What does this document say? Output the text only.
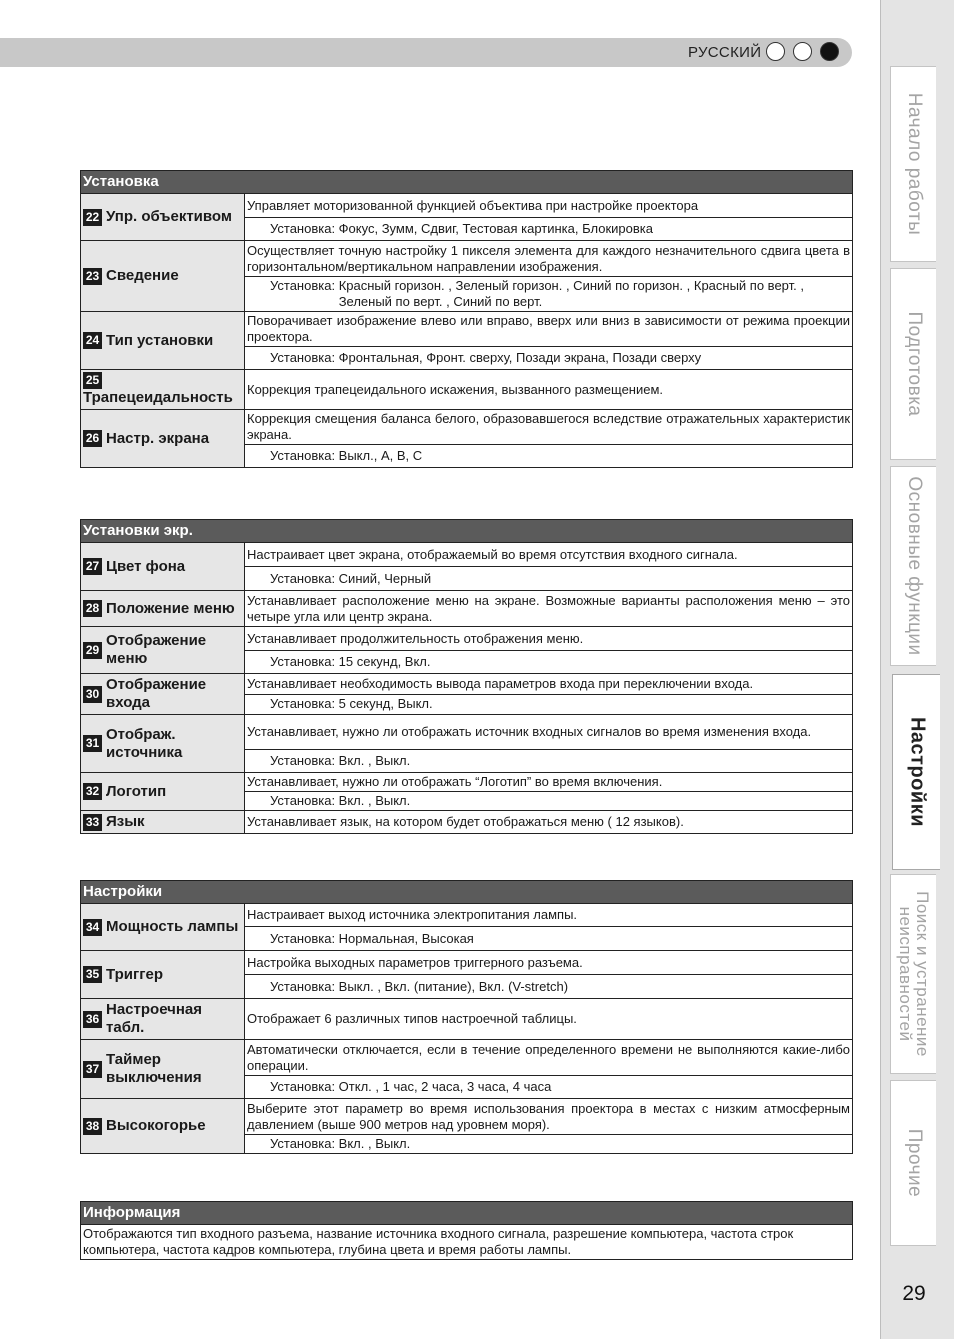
РУССКИЙ
Начало работы
Подготовка
Основные функции
Настройки
Поиск и устранение
неисправностей
Прочие
29
Установка	

22 Упр. объективом	Управляет моторизованной функцией объектива при настройке проектора
	Установка: Фокус, Зумм, Сдвиг, Тестовая картинка, Блокировка

23 Сведение	Осуществляет точную настройку 1 пикселя элемента для каждого незначительного сдвига цвета в горизонтальном/вертикальном направлении изображения.
	Установка: Красный горизон. , Зеленый горизон. , Синий по горизон. , Красный по верт. ,
Зеленый по верт. , Синий по верт.

24 Тип установки	Поворачивает изображение влево или вправо, вверх или вниз в зависимости от режима проекции проектора.
	Установка: Фронтальная, Фронт. сверху, Позади экрана, Позади сверху
25
Трапецеидальность	Коррекция трапецеидального искажения, вызванного размещением.

26 Настр. экрана	Коррекция смещения баланса белого, образовавшегося вследствие отражательных характеристик экрана.
	Установка: Выкл., A, B, C
Установки экр.	

27 Цвет фона	Настраивает цвет экрана, отображаемый во время отсутствия входного сигнала.
	Установка: Синий, Черный

28 Положение меню	Устанавливает расположение меню на экране. Возможные варианты расположения меню – это четыре угла или центр экрана.

29
Отображение меню	Устанавливает продолжительность отображения меню.
	Установка: 15 секунд, Вкл.

30
Отображение входа	Устанавливает необходимость вывода параметров входа при переключении входа.
	Установка: 5 секунд, Выкл.

31
Отображ. источника	Устанавливает, нужно ли отображать источник входных сигналов во время изменения входа.
	Установка: Вкл. , Выкл.

32 Логотип	Устанавливает, нужно ли отображать “Логотип” во время включения.
	Установка: Вкл. , Выкл.

33 Язык	Устанавливает язык, на котором будет отображаться меню ( 12 языков).
Настройки	

34 Мощность лампы	Настраивает выход источника электропитания лампы.
	Установка: Нормальная, Высокая

35 Триггер	Настройка выходных параметров триггерного разъема.
	Установка: Выкл. , Вкл. (питание), Вкл. (V-stretch)

36
Настроечная табл.	Отображает 6 различных типов настроечной таблицы.

37
Таймер выключения	Автоматически отключается, если в течение определенного времени не выполняются какие-либо операции.
	Установка: Откл. , 1 час, 2 часа, 3 часа, 4 часа

38 Высокогорье	Выберите этот параметр во время использования проектора в местах с низким атмосферным давлением (выше 900 метров над уровнем моря).
	Установка: Вкл. , Выкл.
Информация
Отображаются тип входного разъема, название источника входного сигнала, разрешение компьютера, частота строк компьютера, частота кадров компьютера, глубина цвета и время работы лампы.
